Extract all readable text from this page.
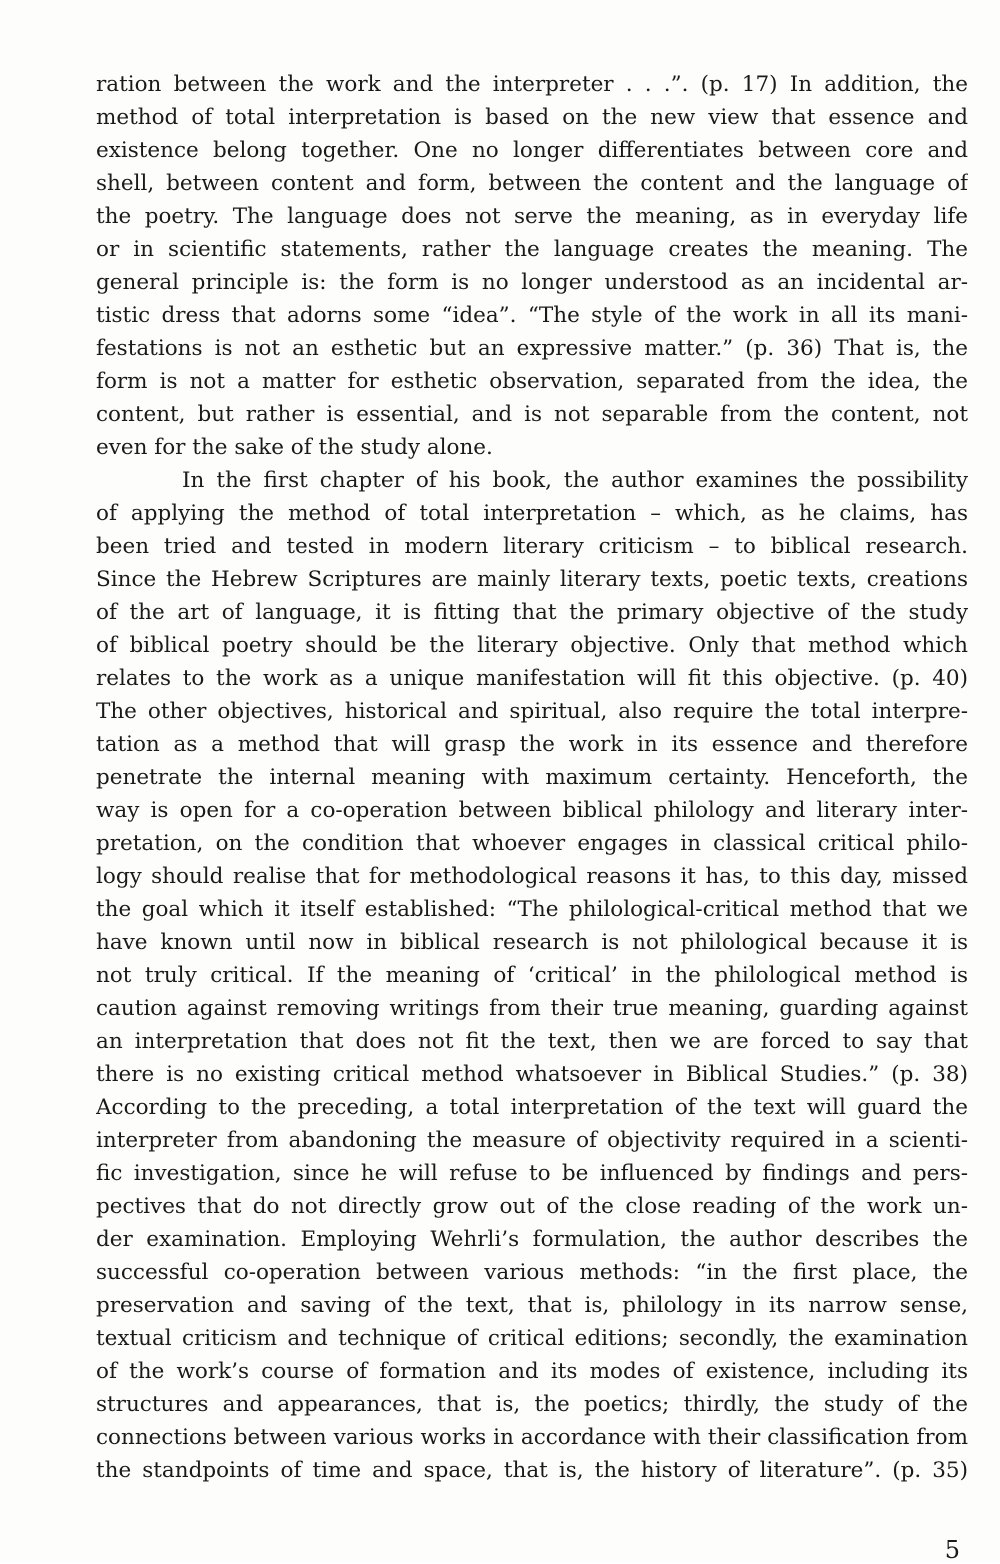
ration between the work and the interpreter . . .”. (p. 17) In addition, the
method of total interpretation is based on the new view that essence and
existence belong together. One no longer differentiates between core and
shell, between content and form, between the content and the language of
the poetry. The language does not serve the meaning, as in everyday life
or in scientific statements, rather the language creates the meaning. The
general principle is: the form is no longer understood as an incidental ar-
tistic dress that adorns some “idea”. “The style of the work in all its mani-
festations is not an esthetic but an expressive matter.” (p. 36) That is, the
form is not a matter for esthetic observation, separated from the idea, the
content, but rather is essential, and is not separable from the content, not
even for the sake of the study alone.
In the first chapter of his book, the author examines the possibility
of applying the method of total interpretation – which, as he claims, has
been tried and tested in modern literary criticism – to biblical research.
Since the Hebrew Scriptures are mainly literary texts, poetic texts, creations
of the art of language, it is fitting that the primary objective of the study
of biblical poetry should be the literary objective. Only that method which
relates to the work as a unique manifestation will fit this objective. (p. 40)
The other objectives, historical and spiritual, also require the total interpre-
tation as a method that will grasp the work in its essence and therefore
penetrate the internal meaning with maximum certainty. Henceforth, the
way is open for a co-operation between biblical philology and literary inter-
pretation, on the condition that whoever engages in classical critical philo-
logy should realise that for methodological reasons it has, to this day, missed
the goal which it itself established: “The philological-critical method that we
have known until now in biblical research is not philological because it is
not truly critical. If the meaning of ‘critical’ in the philological method is
caution against removing writings from their true meaning, guarding against
an interpretation that does not fit the text, then we are forced to say that
there is no existing critical method whatsoever in Biblical Studies.” (p. 38)
According to the preceding, a total interpretation of the text will guard the
interpreter from abandoning the measure of objectivity required in a scienti-
fic investigation, since he will refuse to be influenced by findings and pers-
pectives that do not directly grow out of the close reading of the work un-
der examination. Employing Wehrli’s formulation, the author describes the
successful co-operation between various methods: “in the first place, the
preservation and saving of the text, that is, philology in its narrow sense,
textual criticism and technique of critical editions; secondly, the examination
of the work’s course of formation and its modes of existence, including its
structures and appearances, that is, the poetics; thirdly, the study of the
connections between various works in accordance with their classification from
the standpoints of time and space, that is, the history of literature”. (p. 35)
5
